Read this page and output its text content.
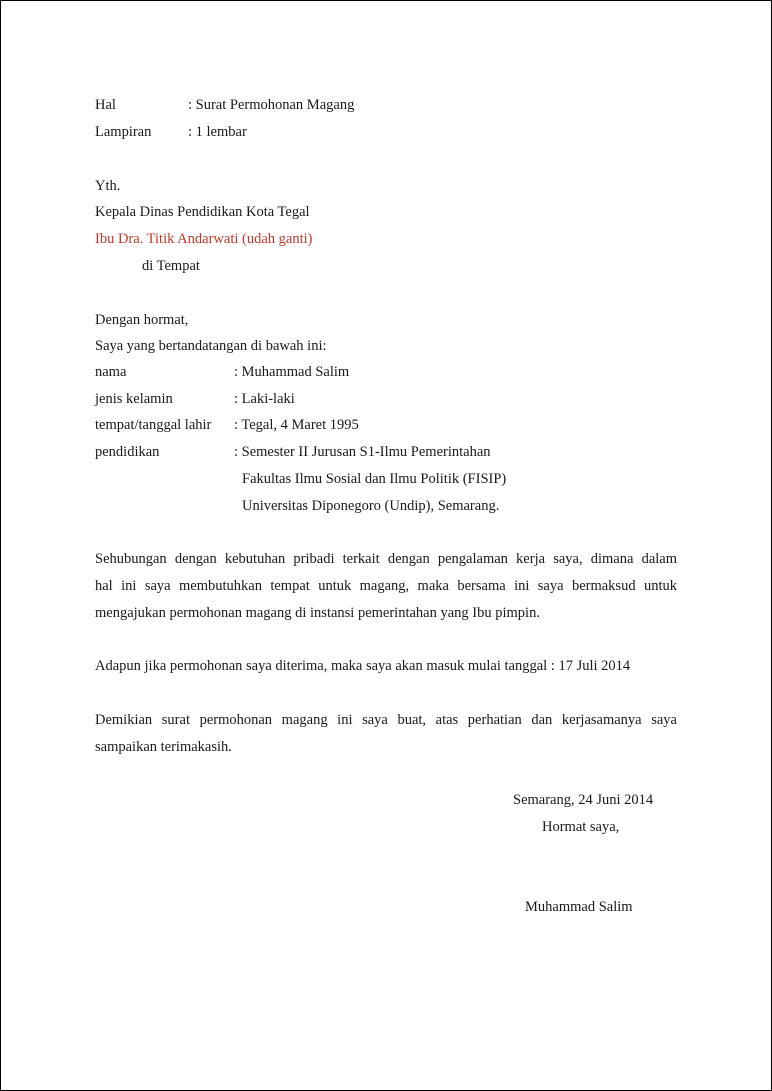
Hal	: Surat Permohonan Magang
Lampiran	: 1 lembar
Yth.
Kepala Dinas Pendidikan Kota Tegal
Ibu Dra. Titik Andarwati (udah ganti)
di Tempat
Dengan hormat,
Saya yang bertandatangan di bawah ini:
nama	: Muhammad Salim
jenis kelamin	: Laki-laki
tempat/tanggal lahir : Tegal, 4 Maret 1995
pendidikan	: Semester II Jurusan S1-Ilmu Pemerintahan
Fakultas Ilmu Sosial dan Ilmu Politik (FISIP)
Universitas Diponegoro (Undip), Semarang.
Sehubungan dengan kebutuhan pribadi terkait dengan pengalaman kerja saya, dimana dalam
hal ini saya membutuhkan tempat untuk magang, maka bersama ini saya bermaksud untuk
mengajukan permohonan magang di instansi pemerintahan yang Ibu pimpin.
Adapun jika permohonan saya diterima, maka saya akan masuk mulai tanggal : 17 Juli 2014
Demikian surat permohonan magang ini saya buat, atas perhatian dan kerjasamanya saya
sampaikan terimakasih.
Semarang, 24 Juni 2014
Hormat saya,
Muhammad Salim
